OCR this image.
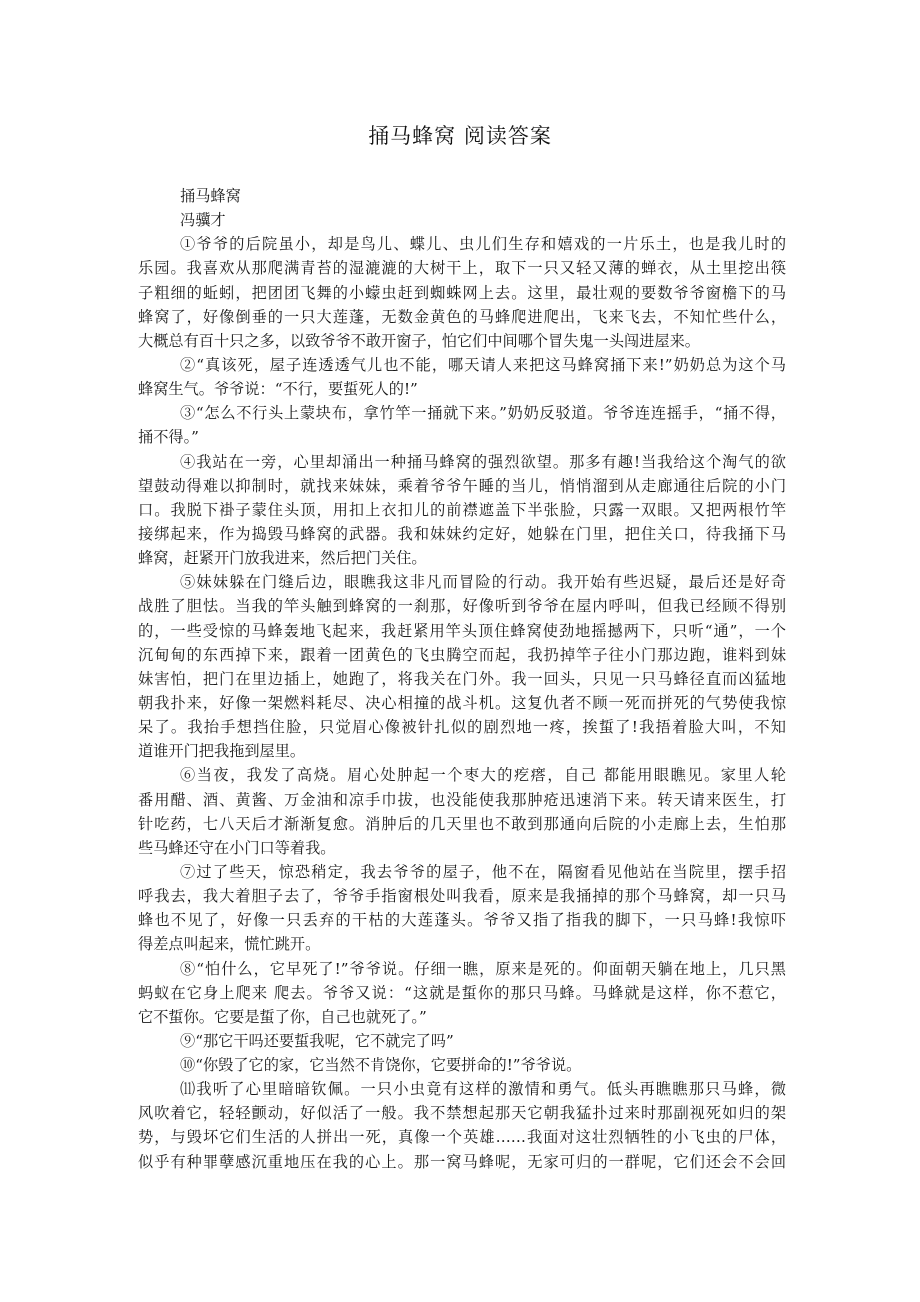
捅马蜂窝 阅读答案
捅马蜂窝
冯骥才
①爷爷的后院虽小，却是鸟儿、蝶儿、虫儿们生存和嬉戏的一片乐土，也是我儿时的
乐园。我喜欢从那爬满青苔的湿漉漉的大树干上，取下一只又轻又薄的蝉衣，从土里挖出筷
子粗细的蚯蚓，把团团飞舞的小蠓虫赶到蜘蛛网上去。这里，最壮观的要数爷爷窗檐下的马
蜂窝了，好像倒垂的一只大莲蓬，无数金黄色的马蜂爬进爬出，飞来飞去，不知忙些什么，
大概总有百十只之多，以致爷爷不敢开窗子，怕它们中间哪个冒失鬼一头闯进屋来。
②“真该死，屋子连透透气儿也不能，哪天请人来把这马蜂窝捅下来!”奶奶总为这个马
蜂窝生气。爷爷说：“不行，要蜇死人的!”
③“怎么不行头上蒙块布，拿竹竿一捅就下来。”奶奶反驳道。爷爷连连摇手，“捅不得，
捅不得。”
④我站在一旁，心里却涌出一种捅马蜂窝的强烈欲望。那多有趣!当我给这个淘气的欲
望鼓动得难以抑制时，就找来妹妹，乘着爷爷午睡的当儿，悄悄溜到从走廊通往后院的小门
口。我脱下褂子蒙住头顶，用扣上衣扣儿的前襟遮盖下半张脸，只露一双眼。又把两根竹竿
接绑起来，作为捣毁马蜂窝的武器。我和妹妹约定好，她躲在门里，把住关口，待我捅下马
蜂窝，赶紧开门放我进来，然后把门关住。
⑤妹妹躲在门缝后边，眼瞧我这非凡而冒险的行动。我开始有些迟疑，最后还是好奇
战胜了胆怯。当我的竿头触到蜂窝的一刹那，好像听到爷爷在屋内呼叫，但我已经顾不得别
的，一些受惊的马蜂轰地飞起来，我赶紧用竿头顶住蜂窝使劲地摇撼两下，只听“通”，一个
沉甸甸的东西掉下来，跟着一团黄色的飞虫腾空而起，我扔掉竿子往小门那边跑，谁料到妹
妹害怕，把门在里边插上，她跑了，将我关在门外。我一回头，只见一只马蜂径直而凶猛地
朝我扑来，好像一架燃料耗尽、决心相撞的战斗机。这复仇者不顾一死而拼死的气势使我惊
呆了。我抬手想挡住脸，只觉眉心像被针扎似的剧烈地一疼，挨蜇了!我捂着脸大叫，不知
道谁开门把我拖到屋里。
⑥当夜，我发了高烧。眉心处肿起一个枣大的疙瘩，自己 都能用眼瞧见。家里人轮
番用醋、酒、黄酱、万金油和凉手巾拔，也没能使我那肿疮迅速消下来。转天请来医生，打
针吃药，七八天后才渐渐复愈。消肿后的几天里也不敢到那通向后院的小走廊上去，生怕那
些马蜂还守在小门口等着我。
⑦过了些天，惊恐稍定，我去爷爷的屋子，他不在，隔窗看见他站在当院里，摆手招
呼我去，我大着胆子去了，爷爷手指窗根处叫我看，原来是我捅掉的那个马蜂窝，却一只马
蜂也不见了，好像一只丢弃的干枯的大莲蓬头。爷爷又指了指我的脚下，一只马蜂!我惊吓
得差点叫起来，慌忙跳开。
⑧“怕什么，它早死了!”爷爷说。仔细一瞧，原来是死的。仰面朝天躺在地上，几只黑
蚂蚁在它身上爬来 爬去。爷爷又说：“这就是蜇你的那只马蜂。马蜂就是这样，你不惹它，
它不蜇你。它要是蜇了你，自己也就死了。”
⑨“那它干吗还要蜇我呢，它不就完了吗”
⑩“你毁了它的家，它当然不肯饶你，它要拼命的!”爷爷说。
⑾我听了心里暗暗钦佩。一只小虫竟有这样的激情和勇气。低头再瞧瞧那只马蜂，微
风吹着它，轻轻颤动，好似活了一般。我不禁想起那天它朝我猛扑过来时那副视死如归的架
势，与毁坏它们生活的人拼出一死，真像一个英雄……我面对这壮烈牺牲的小飞虫的尸体，
似乎有种罪孽感沉重地压在我的心上。那一窝马蜂呢，无家可归的一群呢，它们还会不会回
